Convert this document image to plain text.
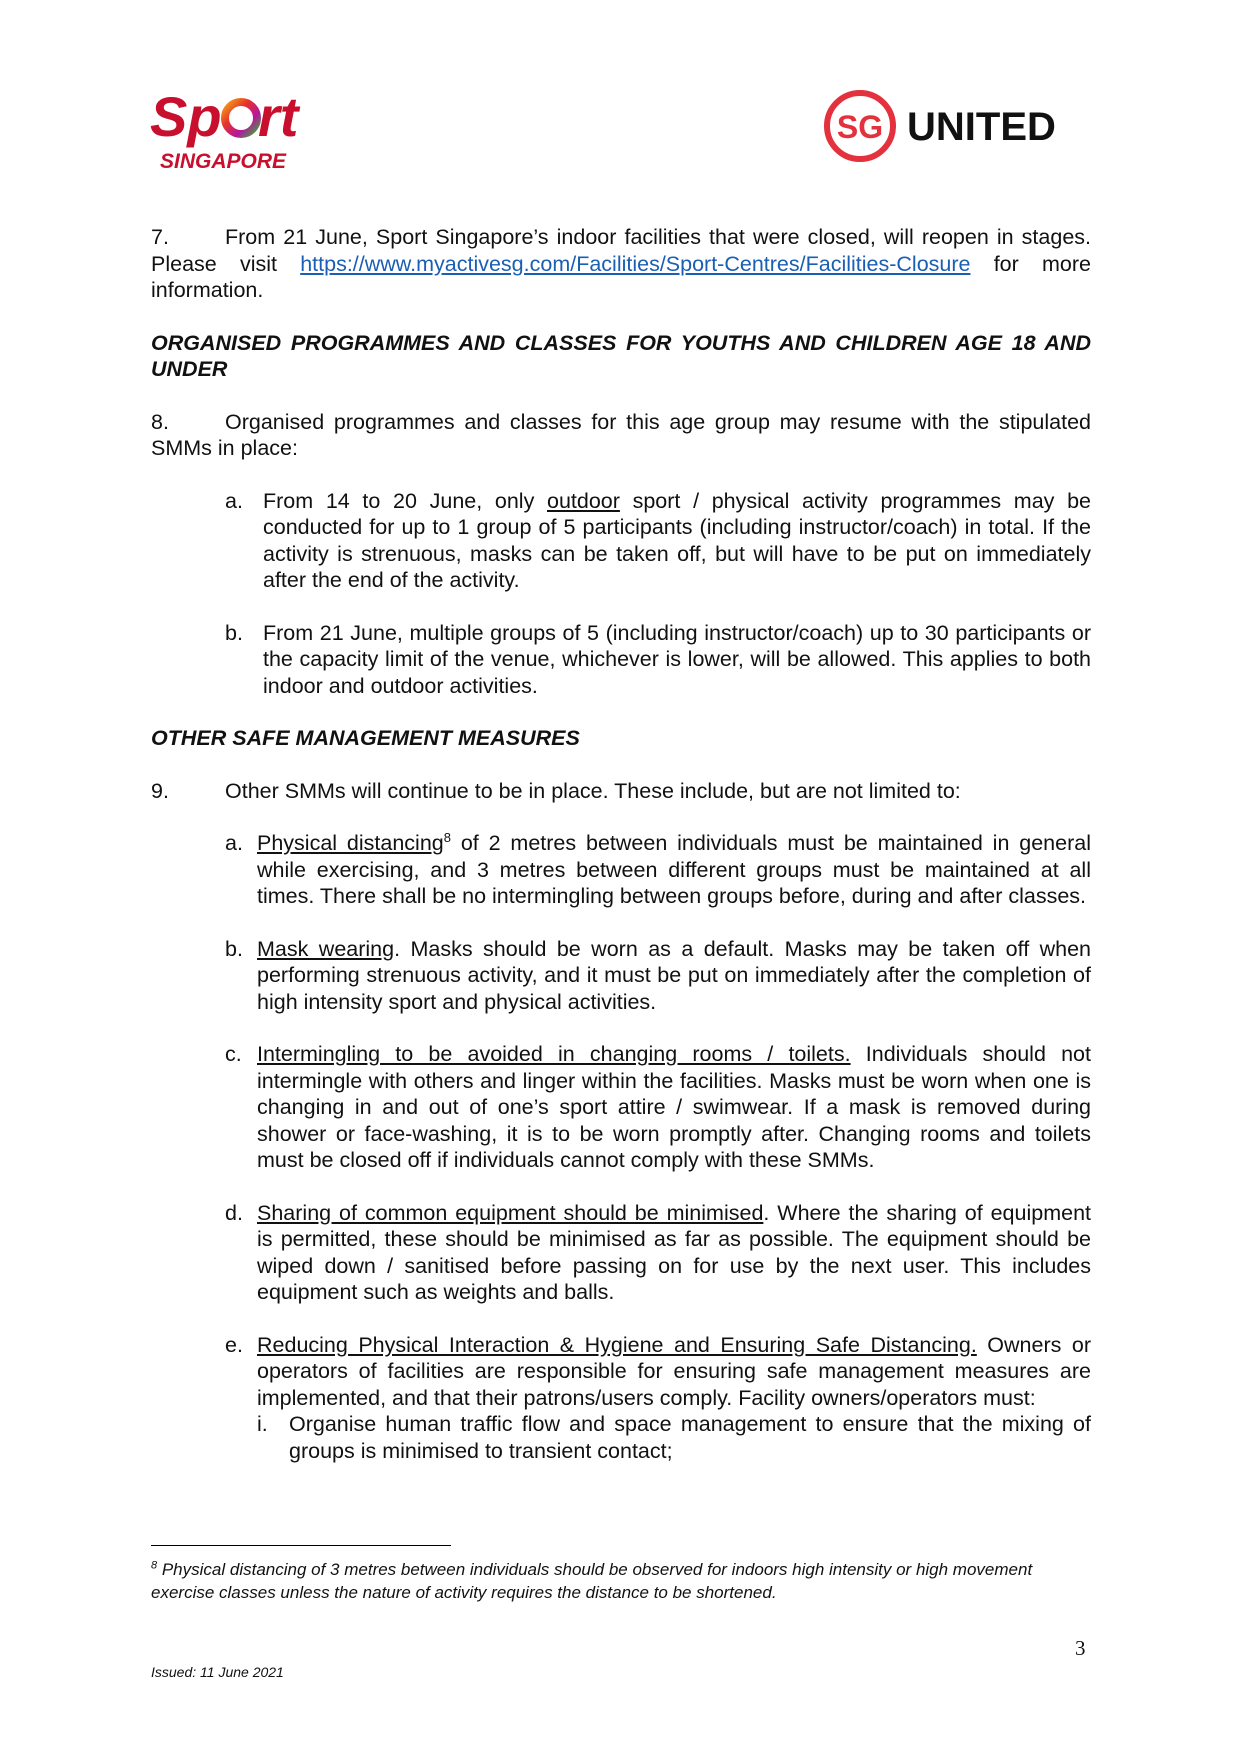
Sp rt
SINGAPORE
SG UNITED

7.	From 21 June, Sport Singapore’s indoor facilities that were closed, will reopen in stages. Please visit https://www.myactivesg.com/Facilities/Sport-Centres/Facilities-Closure for more information.

ORGANISED PROGRAMMES AND CLASSES FOR YOUTHS AND CHILDREN AGE 18 AND UNDER

8.	Organised programmes and classes for this age group may resume with the stipulated SMMs in place:

a. From 14 to 20 June, only outdoor sport / physical activity programmes may be conducted for up to 1 group of 5 participants (including instructor/coach) in total. If the activity is strenuous, masks can be taken off, but will have to be put on immediately after the end of the activity.
b. From 21 June, multiple groups of 5 (including instructor/coach) up to 30 participants or the capacity limit of the venue, whichever is lower, will be allowed. This applies to both indoor and outdoor activities.

OTHER SAFE MANAGEMENT MEASURES

9.	Other SMMs will continue to be in place. These include, but are not limited to:

a. Physical distancing$^8$ of 2 metres between individuals must be maintained in general while exercising, and 3 metres between different groups must be maintained at all times. There shall be no intermingling between groups before, during and after classes.
b. Mask wearing. Masks should be worn as a default. Masks may be taken off when performing strenuous activity, and it must be put on immediately after the completion of high intensity sport and physical activities.
c. Intermingling to be avoided in changing rooms / toilets. Individuals should not intermingle with others and linger within the facilities. Masks must be worn when one is changing in and out of one’s sport attire / swimwear. If a mask is removed during shower or face-washing, it is to be worn promptly after. Changing rooms and toilets must be closed off if individuals cannot comply with these SMMs.
d. Sharing of common equipment should be minimised. Where the sharing of equipment is permitted, these should be minimised as far as possible. The equipment should be wiped down / sanitised before passing on for use by the next user. This includes equipment such as weights and balls.
e. Reducing Physical Interaction & Hygiene and Ensuring Safe Distancing. Owners or operators of facilities are responsible for ensuring safe management measures are implemented, and that their patrons/users comply. Facility owners/operators must:
i. Organise human traffic flow and space management to ensure that the mixing of groups is minimised to transient contact;
$^8$ Physical distancing of 3 metres between individuals should be observed for indoors high intensity or high movement exercise classes unless the nature of activity requires the distance to be shortened.
3
Issued: 11 June 2021
